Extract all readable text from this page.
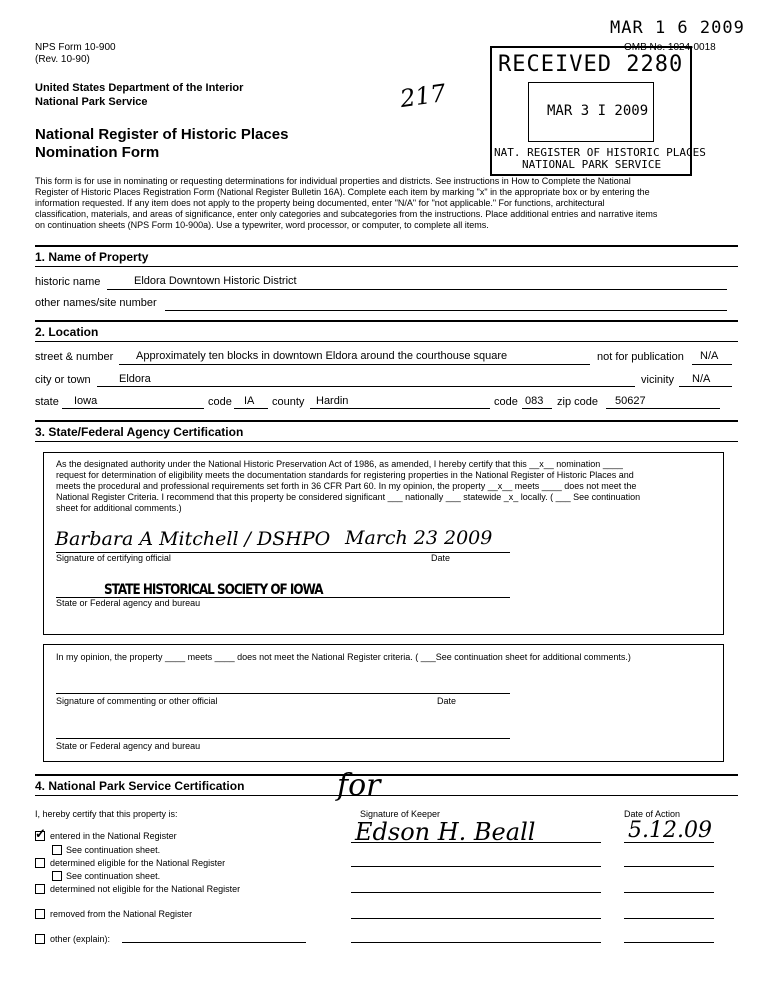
NPS Form 10-900
(Rev. 10-90)
OMB No. 1024-0018
United States Department of the Interior
National Park Service
National Register of Historic Places
Nomination Form
217
MAR 1 6 2009
RECEIVED 2280
MAR 3 I 2009
NAT. REGISTER OF HISTORIC PLACES
NATIONAL PARK SERVICE
This form is for use in nominating or requesting determinations for individual properties and districts. See instructions in How to Complete the National
Register of Historic Places Registration Form (National Register Bulletin 16A). Complete each item by marking "x" in the appropriate box or by entering the
information requested. If any item does not apply to the property being documented, enter "N/A" for "not applicable." For functions, architectural
classification, materials, and areas of significance, enter only categories and subcategories from the instructions. Place additional entries and narrative items
on continuation sheets (NPS Form 10-900a). Use a typewriter, word processor, or computer, to complete all items.
1. Name of Property
historic name	Eldora Downtown Historic District
other names/site number
2. Location
street & number Approximately ten blocks in downtown Eldora around the courthouse square	not for publication N/A
city or town	Eldora	vicinity N/A
state Iowa	code IA county Hardin	code 083 zip code 50627
3. State/Federal Agency Certification
As the designated authority under the National Historic Preservation Act of 1986, as amended, I hereby certify that this __x__ nomination ____
request for determination of eligibility meets the documentation standards for registering properties in the National Register of Historic Places and
meets the procedural and professional requirements set forth in 36 CFR Part 60. In my opinion, the property __x__ meets ____ does not meet the
National Register Criteria. I recommend that this property be considered significant ___ nationally ___ statewide _x_ locally. ( ___ See continuation
sheet for additional comments.)
Barbara A Mitchell / DSHPO March 23 2009
Signature of certifying official	Date
STATE HISTORICAL SOCIETY OF IOWA
State or Federal agency and bureau
In my opinion, the property ____ meets ____ does not meet the National Register criteria. ( ___See continuation sheet for additional comments.)
Signature of commenting or other official	Date
State or Federal agency and bureau
4. National Park Service Certification
I, hereby certify that this property is:
for
Signature of Keeper	Date of Action
Edson H. Beall	5.12.09
✓ entered in the National Register
See continuation sheet.
determined eligible for the National Register
See continuation sheet.
determined not eligible for the National Register
removed from the National Register
other (explain):
